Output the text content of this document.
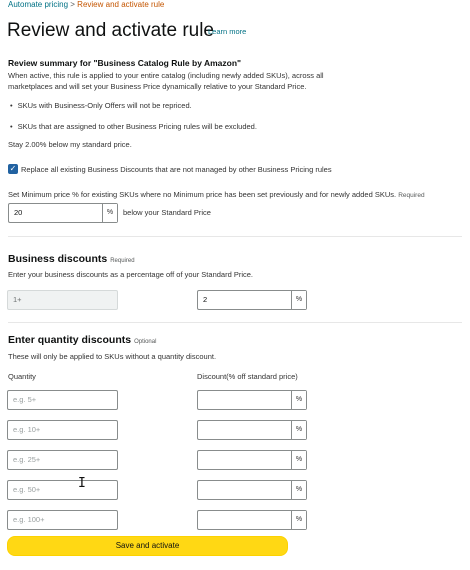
Automate pricing > Review and activate rule
Review and activate rule
Learn more
Review summary for "Business Catalog Rule by Amazon"
When active, this rule is applied to your entire catalog (including newly added SKUs), across all
marketplaces and will set your Business Price dynamically relative to your Standard Price.
• SKUs with Business-Only Offers will not be repriced.
• SKUs that are assigned to other Business Pricing rules will be excluded.
Stay 2.00% below my standard price.
✓ Replace all existing Business Discounts that are not managed by other Business Pricing rules
Set Minimum price % for existing SKUs where no Minimum price has been set previously and for newly added SKUs. Required
20	%	below your Standard Price
Business discounts Required
Enter your business discounts as a percentage off of your Standard Price.
1+	2	%
Enter quantity discounts Optional
These will only be applied to SKUs without a quantity discount.
Quantity	Discount(% off standard price)
e.g. 5+	%
e.g. 10+	%
e.g. 25+	%
e.g. 50+	%
e.g. 100+	%
I
Save and activate
